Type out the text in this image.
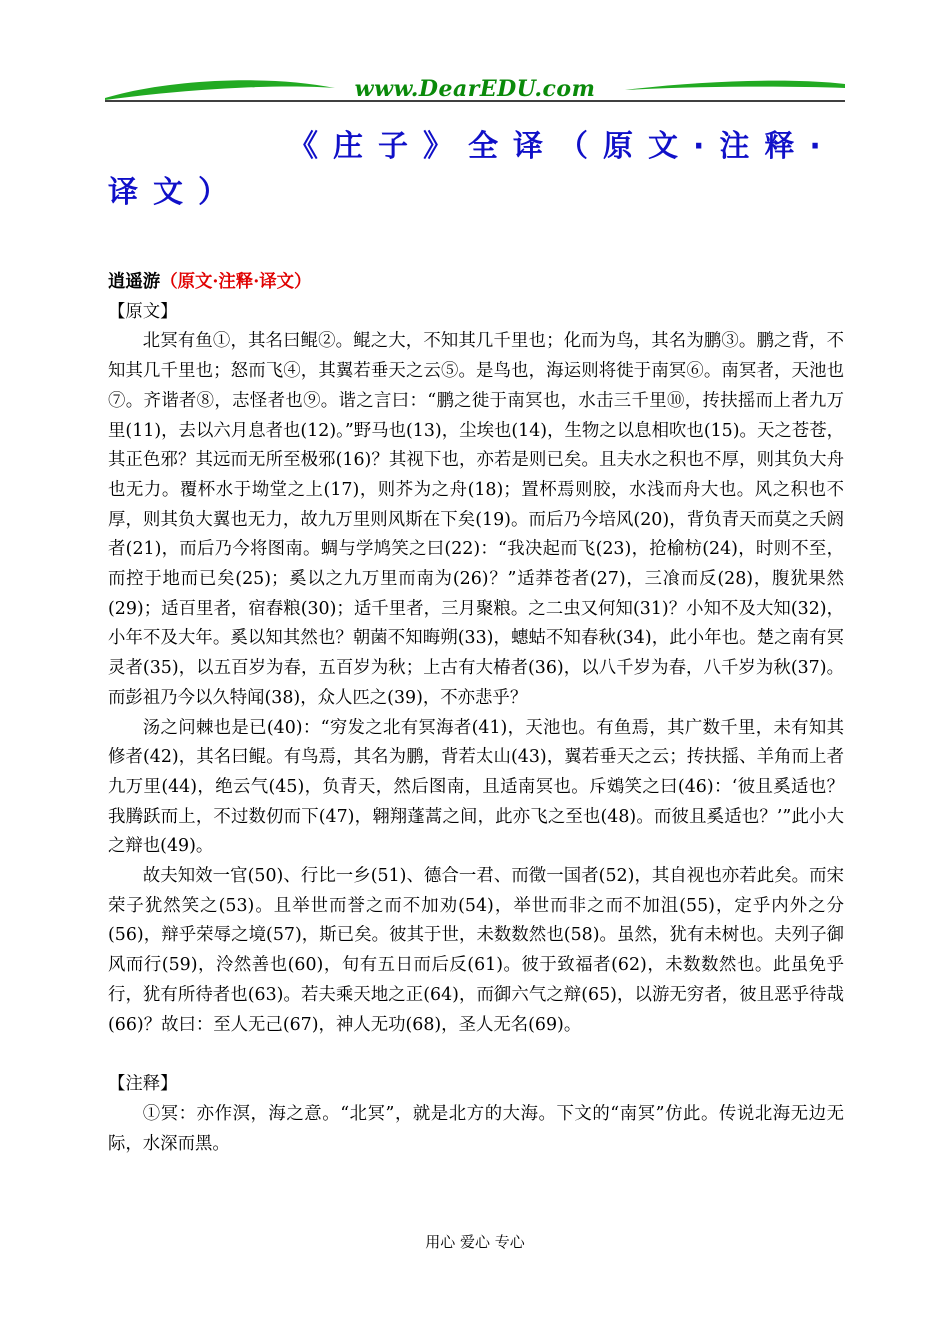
www.DearEDU.com
《庄子》全译（原文·注释·译文）
逍遥游（原文·注释·译文）
【原文】
北冥有鱼①，其名曰鲲②。鲲之大，不知其几千里也；化而为鸟，其名为鹏③。鹏之背，不知其几千里也；怒而飞④，其翼若垂天之云⑤。是鸟也，海运则将徙于南冥⑥。南冥者，天池也⑦。齐谐者⑧，志怪者也⑨。谐之言曰：“鹏之徙于南冥也，水击三千里⑩，抟扶摇而上者九万里(11)，去以六月息者也(12)。”野马也(13)，尘埃也(14)，生物之以息相吹也(15)。天之苍苍，其正色邪？其远而无所至极邪(16)？其视下也，亦若是则已矣。且夫水之积也不厚，则其负大舟也无力。覆杯水于坳堂之上(17)，则芥为之舟(18)；置杯焉则胶，水浅而舟大也。风之积也不厚，则其负大翼也无力，故九万里则风斯在下矣(19)。而后乃今培风(20)，背负青天而莫之夭阏者(21)，而后乃今将图南。蜩与学鸠笑之曰(22)：“我决起而飞(23)，抢榆枋(24)，时则不至，而控于地而已矣(25)；奚以之九万里而南为(26)？”适莽苍者(27)，三飡而反(28)，腹犹果然(29)；适百里者，宿舂粮(30)；适千里者，三月聚粮。之二虫又何知(31)？小知不及大知(32)，小年不及大年。奚以知其然也？朝菌不知晦朔(33)，蟪蛄不知春秋(34)，此小年也。楚之南有冥灵者(35)，以五百岁为春，五百岁为秋；上古有大椿者(36)，以八千岁为春，八千岁为秋(37)。而彭祖乃今以久特闻(38)，众人匹之(39)，不亦悲乎？
汤之问棘也是已(40)：“穷发之北有冥海者(41)，天池也。有鱼焉，其广数千里，未有知其修者(42)，其名曰鲲。有鸟焉，其名为鹏，背若太山(43)，翼若垂天之云；抟扶摇、羊角而上者九万里(44)，绝云气(45)，负青天，然后图南，且适南冥也。斥鴳笑之曰(46)：‘彼且奚适也？我腾跃而上，不过数仞而下(47)，翱翔蓬蒿之间，此亦飞之至也(48)。而彼且奚适也？’”此小大之辩也(49)。
故夫知效一官(50)、行比一乡(51)、德合一君、而徵一国者(52)，其自视也亦若此矣。而宋荣子犹然笑之(53)。且举世而誉之而不加劝(54)，举世而非之而不加沮(55)，定乎内外之分(56)，辩乎荣辱之境(57)，斯已矣。彼其于世，未数数然也(58)。虽然，犹有未树也。夫列子御风而行(59)，泠然善也(60)，旬有五日而后反(61)。彼于致福者(62)，未数数然也。此虽免乎行，犹有所待者也(63)。若夫乘天地之正(64)，而御六气之辩(65)，以游无穷者，彼且恶乎待哉(66)？故曰：至人无己(67)，神人无功(68)，圣人无名(69)。
【注释】
①冥：亦作溟，海之意。“北冥”，就是北方的大海。下文的“南冥”仿此。传说北海无边无际，水深而黑。
用心 爱心 专心
